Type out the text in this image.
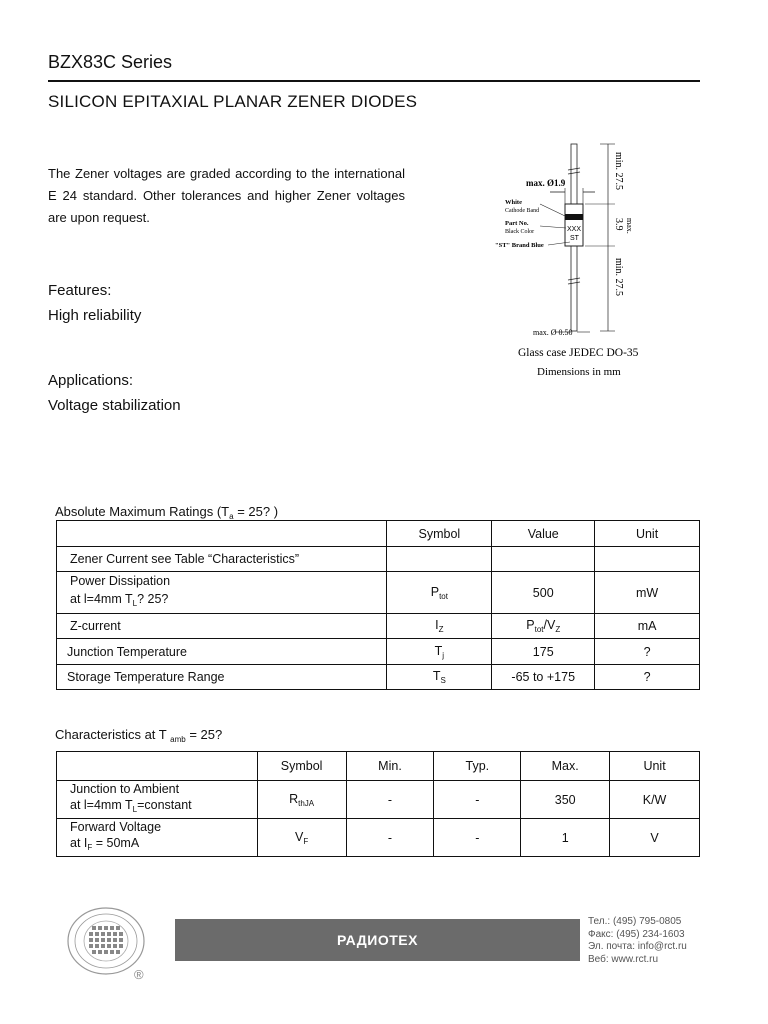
BZX83C Series
SILICON EPITAXIAL PLANAR ZENER DIODES
The Zener voltages are graded according to the international E 24 standard. Other tolerances and higher Zener voltages are upon request.
Features:
High reliability
Applications:
Voltage stabilization
max. Ø1.9
White
Cathode Band
Part No.
Black Color
"ST" Brand Blue
XXX
ST
min. 27.5
max.
3.9
min. 27.5
max. Ø 0.50
Glass case JEDEC DO-35
Dimensions in mm
Absolute Maximum Ratings ($T_a = 25$? )
	Symbol	Value	Unit
Zener Current see Table “Characteristics”			
Power Dissipation
at l=4mm $T_L$? 25?	$P_{tot}$	500	mW
Z-current	$I_Z$	$P_{tot}/V_Z$	mA
Junction Temperature	$T_j$	175	?
Storage Temperature Range	$T_S$	-65 to +175	?
Characteristics at T $_{amb}$ = 25?
	Symbol	Min.	Typ.	Max.	Unit
Junction to Ambient
at l=4mm $T_L=constant$	$R_{thJA}$	-	-	350	K/W
Forward Voltage
at $I_F = 50mA$	$V_F$	-	-	1	V
®
РАДИОТЕХ
Тел.: (495) 795-0805
Факс: (495) 234-1603
Эл. почта: info@rct.ru
Веб: www.rct.ru
